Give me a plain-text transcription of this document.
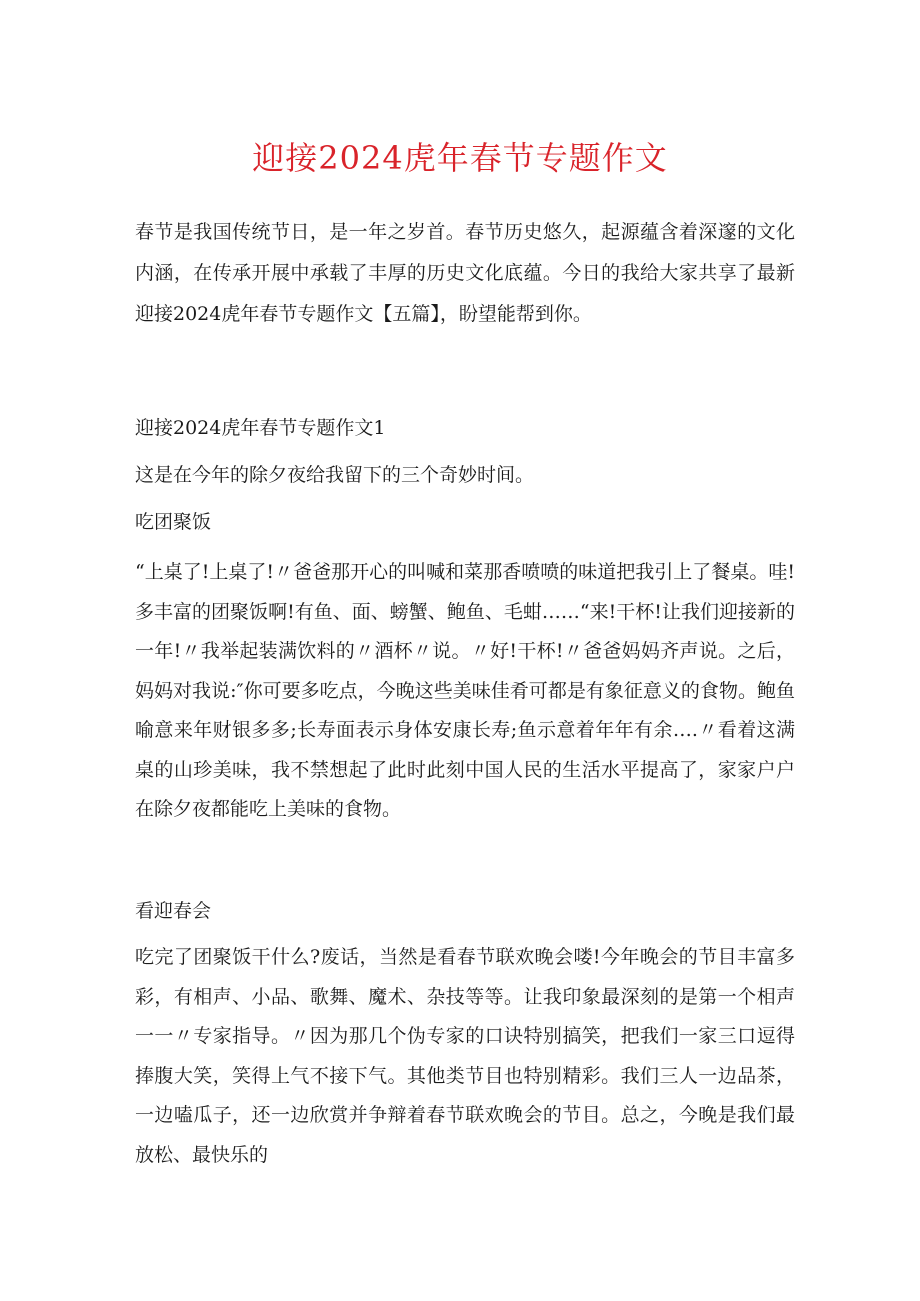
迎接2024虎年春节专题作文

春节是我国传统节日，是一年之岁首。春节历史悠久，起源蕴含着深邃的文化内涵，在传承开展中承载了丰厚的历史文化底蕴。今日的我给大家共享了最新迎接2024虎年春节专题作文【五篇】，盼望能帮到你。

迎接2024虎年春节专题作文1

这是在今年的除夕夜给我留下的三个奇妙时间。

吃团聚饭

“上桌了!上桌了!〃爸爸那开心的叫喊和菜那香喷喷的味道把我引上了餐桌。哇!多丰富的团聚饭啊!有鱼、面、螃蟹、鲍鱼、毛蚶……“来!干杯!让我们迎接新的一年!〃我举起装满饮料的〃酒杯〃说。〃好!干杯!〃爸爸妈妈齐声说。之后，妈妈对我说:″你可要多吃点，今晚这些美味佳肴可都是有象征意义的食物。鲍鱼喻意来年财银多多;长寿面表示身体安康长寿;鱼示意着年年有余….〃看着这满桌的山珍美味，我不禁想起了此时此刻中国人民的生活水平提高了，家家户户在除夕夜都能吃上美味的食物。

看迎春会

吃完了团聚饭干什么?废话，当然是看春节联欢晚会喽!今年晚会的节目丰富多彩，有相声、小品、歌舞、魔术、杂技等等。让我印象最深刻的是第一个相声一一〃专家指导。〃因为那几个伪专家的口诀特别搞笑，把我们一家三口逗得捧腹大笑，笑得上气不接下气。其他类节目也特别精彩。我们三人一边品茶，一边嗑瓜子，还一边欣赏并争辩着春节联欢晚会的节目。总之，今晚是我们最放松、最快乐的
